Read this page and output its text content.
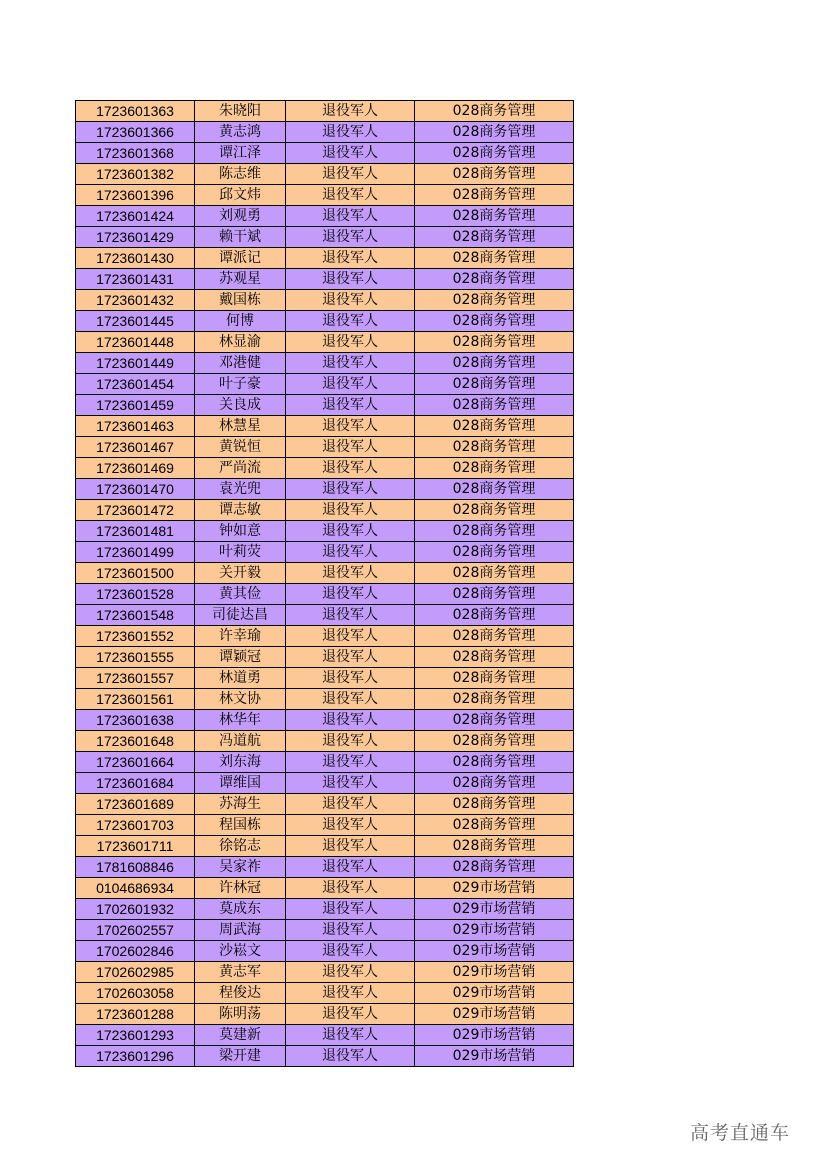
1723601363	朱晓阳	退役军人	028商务管理
1723601366	黄志鸿	退役军人	028商务管理
1723601368	谭江泽	退役军人	028商务管理
1723601382	陈志维	退役军人	028商务管理
1723601396	邱文炜	退役军人	028商务管理
1723601424	刘观勇	退役军人	028商务管理
1723601429	赖干斌	退役军人	028商务管理
1723601430	谭派记	退役军人	028商务管理
1723601431	苏观星	退役军人	028商务管理
1723601432	戴国栋	退役军人	028商务管理
1723601445	何博	退役军人	028商务管理
1723601448	林显渝	退役军人	028商务管理
1723601449	邓港健	退役军人	028商务管理
1723601454	叶子豪	退役军人	028商务管理
1723601459	关良成	退役军人	028商务管理
1723601463	林慧星	退役军人	028商务管理
1723601467	黄锐恒	退役军人	028商务管理
1723601469	严尚流	退役军人	028商务管理
1723601470	袁光兜	退役军人	028商务管理
1723601472	谭志敏	退役军人	028商务管理
1723601481	钟如意	退役军人	028商务管理
1723601499	叶莉荧	退役军人	028商务管理
1723601500	关开毅	退役军人	028商务管理
1723601528	黄其俭	退役军人	028商务管理
1723601548	司徒达昌	退役军人	028商务管理
1723601552	许幸瑜	退役军人	028商务管理
1723601555	谭颖冠	退役军人	028商务管理
1723601557	林道勇	退役军人	028商务管理
1723601561	林文协	退役军人	028商务管理
1723601638	林华年	退役军人	028商务管理
1723601648	冯道航	退役军人	028商务管理
1723601664	刘东海	退役军人	028商务管理
1723601684	谭维国	退役军人	028商务管理
1723601689	苏海生	退役军人	028商务管理
1723601703	程国栋	退役军人	028商务管理
1723601711	徐铭志	退役军人	028商务管理
1781608846	吴家祚	退役军人	028商务管理
0104686934	许林冠	退役军人	029市场营销
1702601932	莫成东	退役军人	029市场营销
1702602557	周武海	退役军人	029市场营销
1702602846	沙崧文	退役军人	029市场营销
1702602985	黄志军	退役军人	029市场营销
1702603058	程俊达	退役军人	029市场营销
1723601288	陈明荡	退役军人	029市场营销
1723601293	莫建新	退役军人	029市场营销
1723601296	梁开建	退役军人	029市场营销
高考直通车
